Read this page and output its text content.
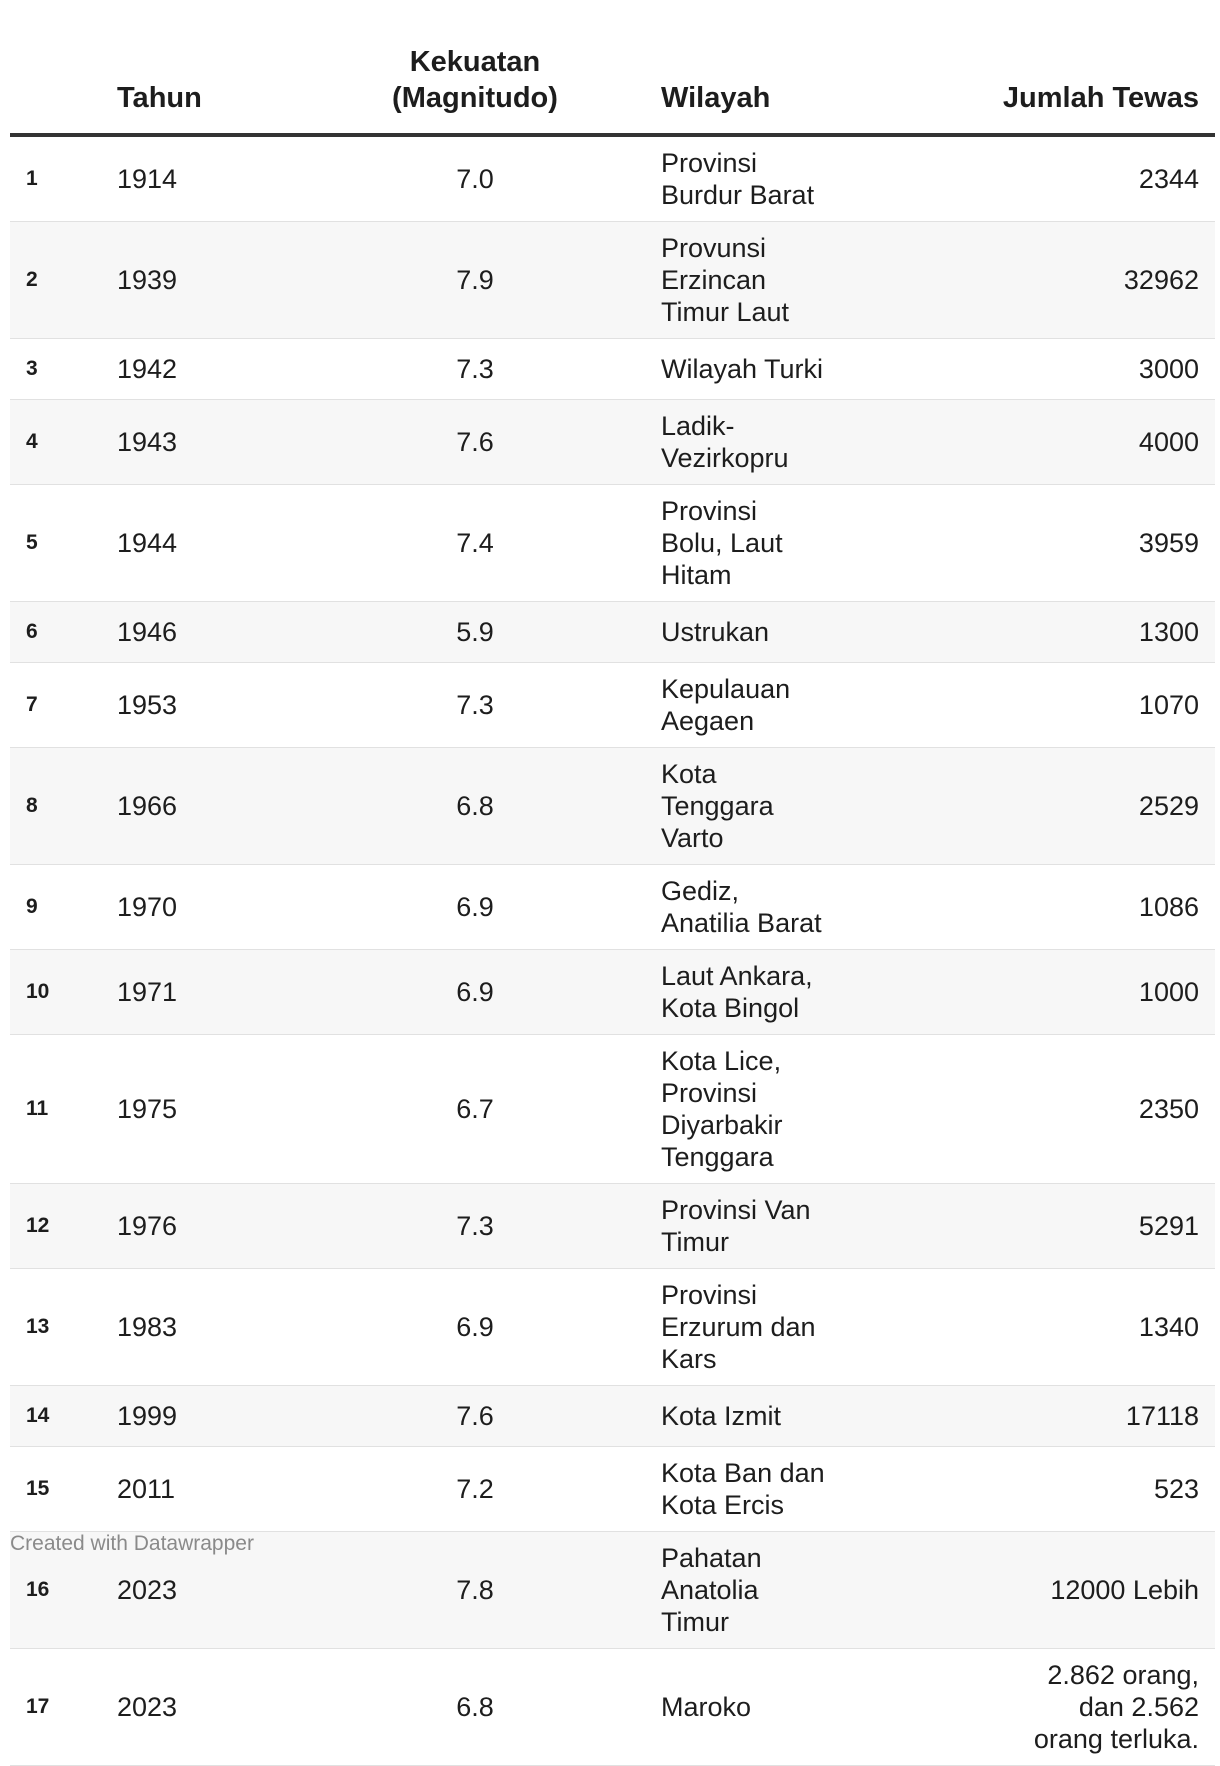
	Tahun	Kekuatan (Magnitudo)	Wilayah	Jumlah Tewas
1	1914	7.0	Provinsi Burdur Barat	2344
2	1939	7.9	Provunsi Erzincan Timur Laut	32962
3	1942	7.3	Wilayah Turki	3000
4	1943	7.6	Ladik-Vezirkopru	4000
5	1944	7.4	Provinsi Bolu, Laut Hitam	3959
6	1946	5.9	Ustrukan	1300
7	1953	7.3	Kepulauan Aegaen	1070
8	1966	6.8	Kota Tenggara Varto	2529
9	1970	6.9	Gediz, Anatilia Barat	1086
10	1971	6.9	Laut Ankara, Kota Bingol	1000
11	1975	6.7	Kota Lice, Provinsi Diyarbakir Tenggara	2350
12	1976	7.3	Provinsi Van Timur	5291
13	1983	6.9	Provinsi Erzurum dan Kars	1340
14	1999	7.6	Kota Izmit	17118
15	2011	7.2	Kota Ban dan Kota Ercis	523
16	2023	7.8	Pahatan Anatolia Timur	12000 Lebih
17	2023	6.8	Maroko	2.862 orang, dan 2.562 orang terluka.
Created with Datawrapper
